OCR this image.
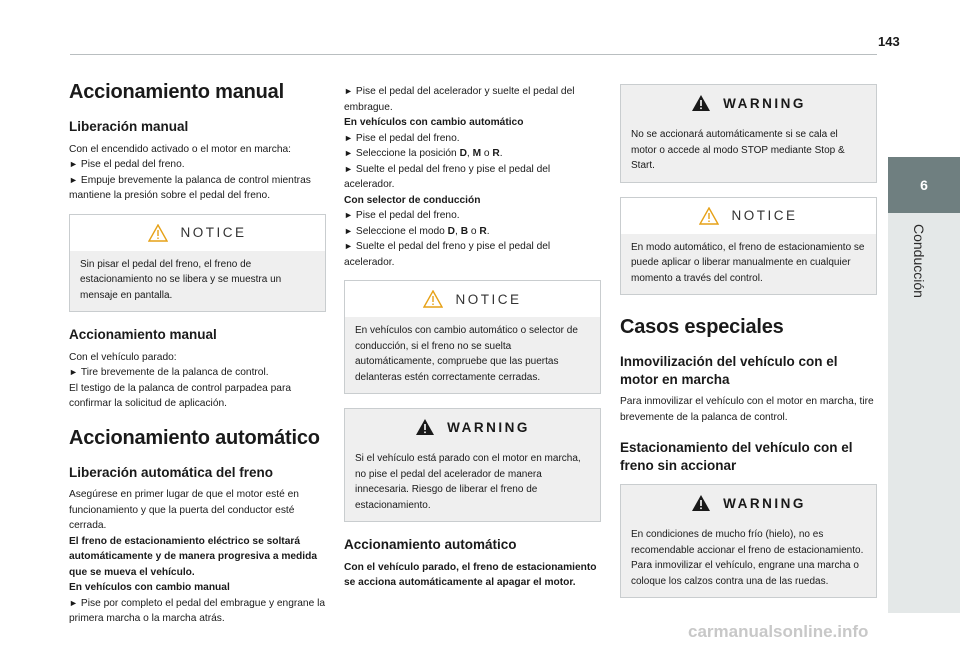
143
6
Conducción
Accionamiento manual
Liberación manual

Con el encendido activado o el motor en marcha:

► Pise el pedal del freno.

► Empuje brevemente la palanca de control mientras mantiene la presión sobre el pedal del freno.

NOTICE

Sin pisar el pedal del freno, el freno de estacionamiento no se libera y se muestra un mensaje en pantalla.

Accionamiento manual

Con el vehículo parado:

► Tire brevemente de la palanca de control.

El testigo de la palanca de control parpadea para confirmar la solicitud de aplicación.

Accionamiento automático
Liberación automática del freno

Asegúrese en primer lugar de que el motor esté en funcionamiento y que la puerta del conductor esté cerrada.

El freno de estacionamiento eléctrico se soltará automáticamente y de manera progresiva a medida que se mueva el vehículo.

En vehículos con cambio manual

► Pise por completo el pedal del embrague y engrane la primera marcha o la marcha atrás.

► Pise el pedal del acelerador y suelte el pedal del embrague.

En vehículos con cambio automático

► Pise el pedal del freno.

► Seleccione la posición D, M o R.

► Suelte el pedal del freno y pise el pedal del acelerador.

Con selector de conducción

► Pise el pedal del freno.

► Seleccione el modo D, B o R.

► Suelte el pedal del freno y pise el pedal del acelerador.

NOTICE

En vehículos con cambio automático o selector de conducción, si el freno no se suelta automáticamente, compruebe que las puertas delanteras estén correctamente cerradas.

WARNING

Si el vehículo está parado con el motor en marcha, no pise el pedal del acelerador de manera innecesaria. Riesgo de liberar el freno de estacionamiento.

Accionamiento automático

Con el vehículo parado, el freno de estacionamiento se acciona automáticamente al apagar el motor.

WARNING

No se accionará automáticamente si se cala el motor o accede al modo STOP mediante Stop & Start.

NOTICE

En modo automático, el freno de estacionamiento se puede aplicar o liberar manualmente en cualquier momento a través del control.

Casos especiales
Inmovilización del vehículo con el motor en marcha

Para inmovilizar el vehículo con el motor en marcha, tire brevemente de la palanca de control.

Estacionamiento del vehículo con el freno sin accionar
WARNING

En condiciones de mucho frío (hielo), no es recomendable accionar el freno de estacionamiento.

Para inmovilizar el vehículo, engrane una marcha o coloque los calzos contra una de las ruedas.

carmanualsonline.info
